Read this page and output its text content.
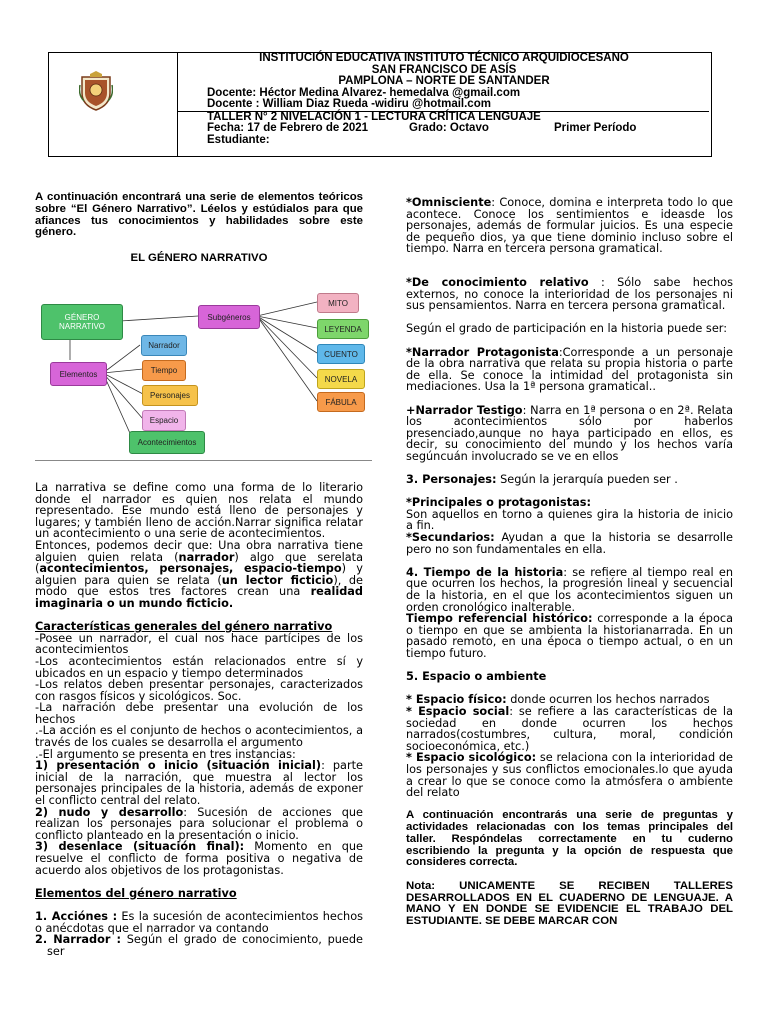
INSTITUCIÓN EDUCATIVA INSTITUTO TÉCNICO ARQUIDIOCESANO
SAN FRANCISCO DE ASÍS
PAMPLONA – NORTE DE SANTANDER
Docente: Héctor Medina Alvarez- hemedalva @gmail.com
Docente : William Diaz Rueda -widiru @hotmail.com
TALLER N° 2 NIVELACIÓN 1 - LECTURA CRÍTICA LENGUAJE
Fecha: 17 de Febrero de 2021	Grado: Octavo	Primer Período
Estudiante:

A continuación encontrará una serie de elementos teóricos sobre “El Género Narrativo”. Léelos y estúdialos para que afiances tus conocimientos y habilidades sobre este género.

EL GÉNERO NARRATIVO

GÉNERO NARRATIVO
Subgéneros
Elementos
Narrador
Tiempo
Personajes
Espacio
Acontecimientos
MITO
LEYENDA
CUENTO
NOVELA
FÁBULA

La narrativa se define como una forma de lo literario donde el narrador es quien nos relata el mundo representado. Ese mundo está lleno de personajes y lugares; y también lleno de acción.Narrar significa relatar un acontecimiento o una serie de acontecimientos.

Entonces, podemos decir que: Una obra narrativa tiene alguien quien relata (narrador) algo que serelata (acontecimientos, personajes, espacio-tiempo) y alguien para quien se relata (un lector ficticio), de modo que estos tres factores crean una realidad imaginaria o un mundo ficticio.

Características generales del género narrativo

-Posee un narrador, el cual nos hace partícipes de los acontecimientos

-Los acontecimientos están relacionados entre sí y ubicados en un espacio y tiempo determinados

-Los relatos deben presentar personajes, caracterizados con rasgos físicos y sicológicos. Soc.

-La narración debe presentar una evolución de los hechos

.-La acción es el conjunto de hechos o acontecimientos, a través de los cuales se desarrolla el argumento

.-El argumento se presenta en tres instancias:

1) presentación o inicio (situación inicial): parte inicial de la narración, que muestra al lector los personajes principales de la historia, además de exponer el conflicto central del relato.

2) nudo y desarrollo: Sucesión de acciones que realizan los personajes para solucionar el problema o conflicto planteado en la presentación o inicio.

3) desenlace (situación final): Momento en que resuelve el conflicto de forma positiva o negativa de acuerdo alos objetivos de los protagonistas.

Elementos del género narrativo

1. Acciónes : Es la sucesión de acontecimientos hechos o anécdotas que el narrador va contando

2. Narrador : Según el grado de conocimiento, puede ser

*Omnisciente: Conoce, domina e interpreta todo lo que acontece. Conoce los sentimientos e ideasde los personajes, además de formular juicios. Es una especie de pequeño dios, ya que tiene dominio incluso sobre el tiempo. Narra en tercera persona gramatical.

*De conocimiento relativo : Sólo sabe hechos externos, no conoce la interioridad de los personajes ni sus pensamientos. Narra en tercera persona gramatical.

Según el grado de participación en la historia puede ser:

*Narrador Protagonista:Corresponde a un personaje de la obra narrativa que relata su propia historia o parte de ella. Se conoce la intimidad del protagonista sin mediaciones. Usa la 1ª persona gramatical..

+Narrador Testigo: Narra en 1ª persona o en 2ª. Relata los acontecimientos sólo por haberlos presenciado,aunque no haya participado en ellos, es decir, su conocimiento del mundo y los hechos varía segúncuán involucrado se ve en ellos

3. Personajes: Según la jerarquía pueden ser .

*Principales o protagonistas:
Son aquellos en torno a quienes gira la historia de inicio a fin.

*Secundarios: Ayudan a que la historia se desarrolle pero no son fundamentales en ella.

4. Tiempo de la historia: se refiere al tiempo real en que ocurren los hechos, la progresión lineal y secuencial de la historia, en el que los acontecimientos siguen un orden cronológico inalterable.

Tiempo referencial histórico: corresponde a la época o tiempo en que se ambienta la historianarrada. En un pasado remoto, en una época o tiempo actual, o en un tiempo futuro.

5. Espacio o ambiente

* Espacio físico: donde ocurren los hechos narrados

* Espacio social: se refiere a las características de la sociedad en donde ocurren los hechos narrados(costumbres, cultura, moral, condición socioeconómica, etc.)

* Espacio sicológico: se relaciona con la interioridad de los personajes y sus conflictos emocionales.lo que ayuda a crear lo que se conoce como la atmósfera o ambiente del relato

A continuación encontrarás una serie de preguntas y actividades relacionadas con los temas principales del taller. Respóndelas correctamente en tu cuderno escribiendo la pregunta y la opción de respuesta que consideres correcta.

Nota: UNICAMENTE SE RECIBEN TALLERES DESARROLLADOS EN EL CUADERNO DE LENGUAJE. A MANO Y EN DONDE SE EVIDENCIE EL TRABAJO DEL ESTUDIANTE. SE DEBE MARCAR CON
